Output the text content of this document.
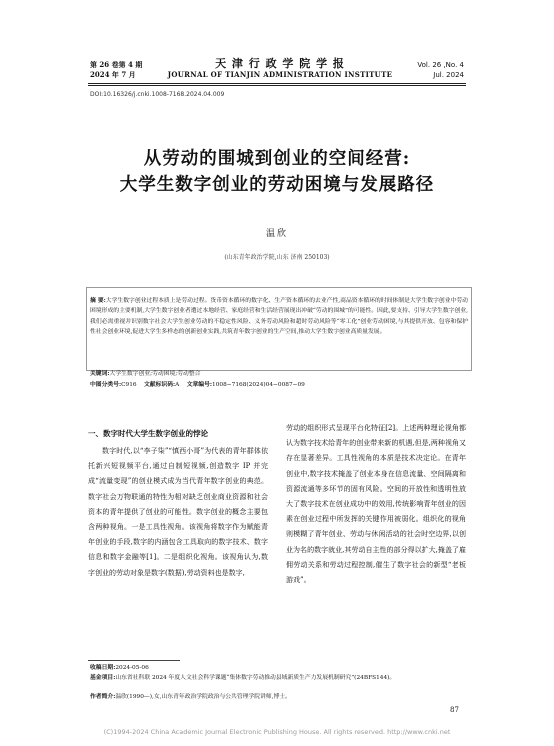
第 26 卷第 4 期
2024 年 7 月
天 津 行 政 学 院 学 报
JOURNAL OF TIANJIN ADMINISTRATION INSTITUTE
Vol. 26 ,No. 4
Jul. 2024
DOI:10.16326/j.cnki.1008-7168.2024.04.009
从劳动的围城到创业的空间经营:
大学生数字创业的劳动困境与发展路径
温欣
(山东青年政治学院,山东 济南 250103)
摘 要:大学生数字创业过程本质上是劳动过程。货币资本循环的数字化、生产资本循环的去业产性,商品资本循环的时间体制是大学生数字创业中劳动困境形成的主要机制,大学生数字创业者遭过本地经营、家庭经营和生活经营展现出冲破“劳动的围城”的可能性。因此,要支持、引导大学生数字创业,我们必需重视并识别数字社会大学生创业劳动的不稳定性风险、义务劳动风险和超时劳动风险等“零工化”创业劳动困境,与其提供开放、包容和保护性社会创业环境,促进大学生多样态的创新创业实践,共筑青年数字创业的生产空间,推动大学生数字创业高质量发展。
关键词:大学生数字创业;劳动困境;劳动整合
中图分类号:C916 文献标识码:A 文章编号:1008−7168(2024)04−0087−09
一、数字时代大学生数字创业的悖论

数字时代,以“李子柒”“慎西小哥”为代表的青年群体依托新兴短视频平台,通过自制短视频,创造数字 IP 并完成“流量变现”的创业模式成为当代青年数字创业的典范。数字社会万物联通的特性为相对缺乏创业商业资源和社会资本的青年提供了创业的可能性。数字创业的概念主要包含两种视角。一是工具性视角。该视角将数字作为赋能青年创业的手段,数字的内涵包含工具取向的数字技术、数字信息和数字金融等[1]。二是组织化视角。该视角认为,数字创业的劳动对象是数字(数据),劳动资料也是数字,

劳动的组织形式呈现平台化特征[2]。上述两种理论视角都认为数字技术给青年的创业带来新的机遇,但是,两种视角又存在显著差异。工具性视角的本质是技术决定论。在青年创业中,数字技术掩盖了创业本身在信息流量、空间隔离和资源流通等多环节的固有风险。空间的开放性和透明性放大了数字技术在创业成功中的效用,传统影响青年创业的因素在创业过程中所发挥的关键作用被弱化。组织化的视角则模糊了青年创业、劳动与休闲活动的社会时空边界,以创业为名的数字就业,其劳动自主性的部分得以扩大,掩盖了雇佣劳动关系和劳动过程控制,催生了数字社会的新型“老板游戏”。

收稿日期:2024-05-06
基金项目:山东省社科联 2024 年度人文社会科学课题“集体数字劳动推动县域新质生产力发展机制研究”(24BFS144)。
作者简介:温欣(1990—),女,山东青年政治学院政治与公共管理学院讲师,博士。
87
(C)1994-2024 China Academic Journal Electronic Publishing House. All rights reserved. http://www.cnki.net
